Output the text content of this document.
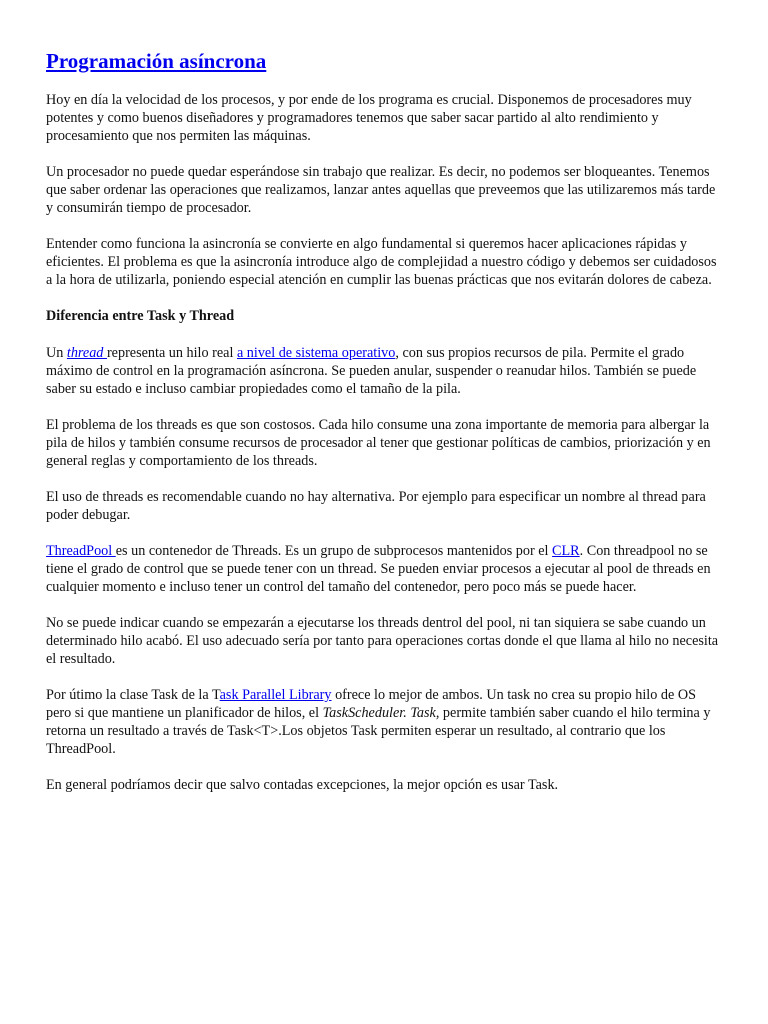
Programación asíncrona

Hoy en día la velocidad de los procesos, y por ende de los programa es crucial. Disponemos de procesadores muy potentes y como buenos diseñadores y programadores tenemos que saber sacar partido al alto rendimiento y procesamiento que nos permiten las máquinas.

Un procesador no puede quedar esperándose sin trabajo que realizar. Es decir, no podemos ser bloqueantes. Tenemos que saber ordenar las operaciones que realizamos, lanzar antes aquellas que preveemos que las utilizaremos más tarde y consumirán tiempo de procesador.

Entender como funciona la asincronía se convierte en algo fundamental si queremos hacer aplicaciones rápidas y eficientes. El problema es que la asincronía introduce algo de complejidad a nuestro código y debemos ser cuidadosos a la hora de utilizarla, poniendo especial atención en cumplir las buenas prácticas que nos evitarán dolores de cabeza.

Diferencia entre Task y Thread

Un thread representa un hilo real a nivel de sistema operativo, con sus propios recursos de pila. Permite el grado máximo de control en la programación asíncrona. Se pueden anular, suspender o reanudar hilos. También se puede saber su estado e incluso cambiar propiedades como el tamaño de la pila.

El problema de los threads es que son costosos. Cada hilo consume una zona importante de memoria para albergar la pila de hilos y también consume recursos de procesador al tener que gestionar políticas de cambios, priorización y en general reglas y comportamiento de los threads.

El uso de threads es recomendable cuando no hay alternativa. Por ejemplo para especificar un nombre al thread para poder debugar.

ThreadPool es un contenedor de Threads. Es un grupo de subprocesos mantenidos por el CLR. Con threadpool no se tiene el grado de control que se puede tener con un thread. Se pueden enviar procesos a ejecutar al pool de threads en cualquier momento e incluso tener un control del tamaño del contenedor, pero poco más se puede hacer.

No se puede indicar cuando se empezarán a ejecutarse los threads dentrol del pool, ni tan siquiera se sabe cuando un determinado hilo acabó. El uso adecuado sería por tanto para operaciones cortas donde el que llama al hilo no necesita el resultado.

Por útimo la clase Task de la Task Parallel Library ofrece lo mejor de ambos. Un task no crea su propio hilo de OS pero si que mantiene un planificador de hilos, el TaskScheduler. Task, permite también saber cuando el hilo termina y retorna un resultado a través de Task<T>.Los objetos Task permiten esperar un resultado, al contrario que los ThreadPool.

En general podríamos decir que salvo contadas excepciones, la mejor opción es usar Task.
